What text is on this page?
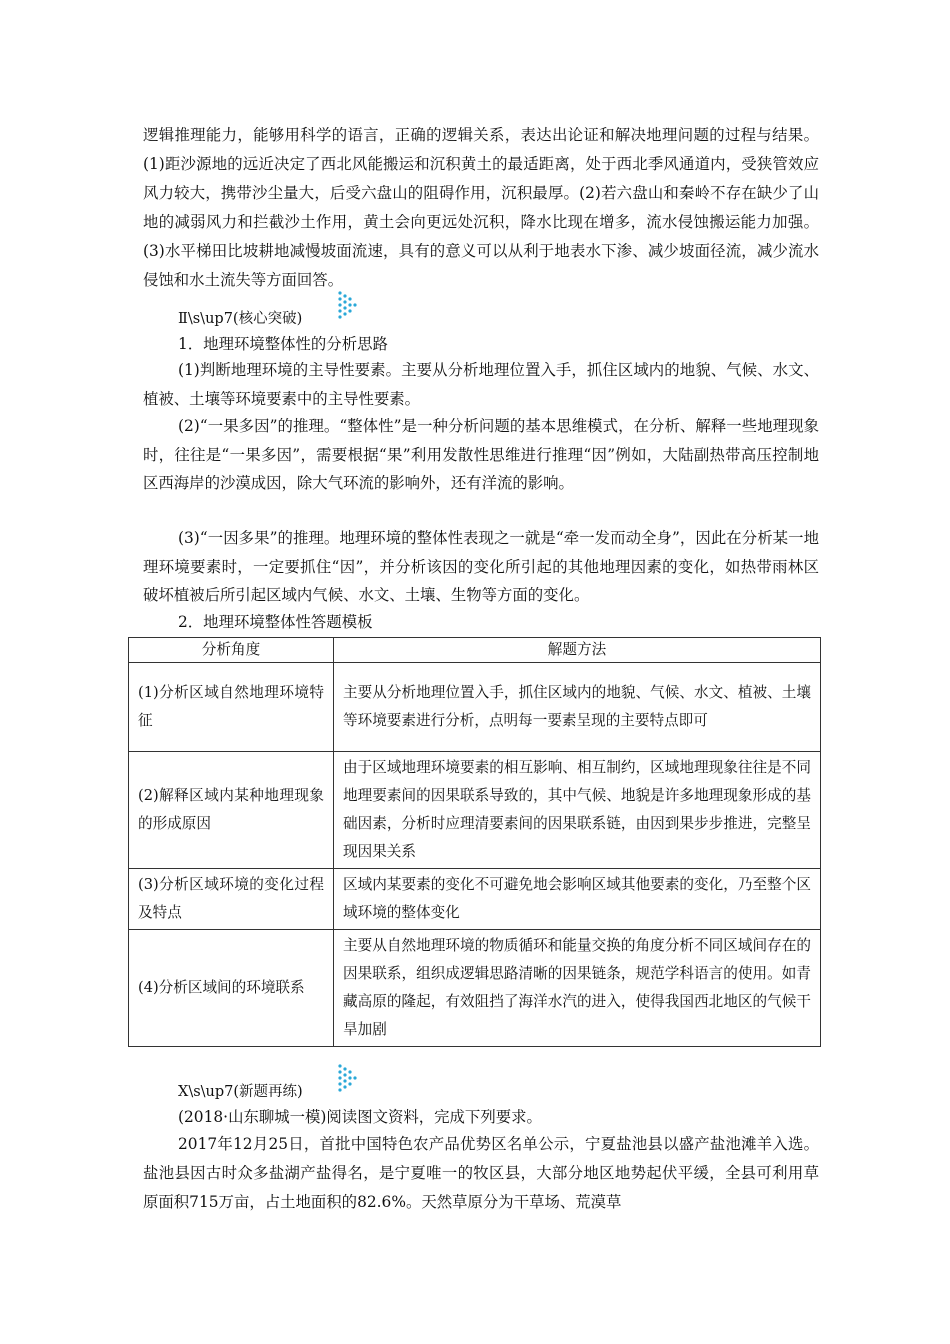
逻辑推理能力，能够用科学的语言，正确的逻辑关系，表达出论证和解决地理问题的过程与结果。(1)距沙源地的远近决定了西北风能搬运和沉积黄土的最适距离，处于西北季风通道内，受狭管效应风力较大，携带沙尘量大，后受六盘山的阻碍作用，沉积最厚。(2)若六盘山和秦岭不存在缺少了山地的减弱风力和拦截沙土作用，黄土会向更远处沉积，降水比现在增多，流水侵蚀搬运能力加强。(3)水平梯田比坡耕地减慢坡面流速，具有的意义可以从利于地表水下渗、减少坡面径流，减少流水侵蚀和水土流失等方面回答。

Ⅱ\s\up7(核心突破)
1．地理环境整体性的分析思路
(1)判断地理环境的主导性要素。主要从分析地理位置入手，抓住区域内的地貌、气候、水文、植被、土壤等环境要素中的主导性要素。
(2)“一果多因”的推理。“整体性”是一种分析问题的基本思维模式，在分析、解释一些地理现象时，往往是“一果多因”，需要根据“果”利用发散性思维进行推理“因”例如，大陆副热带高压控制地区西海岸的沙漠成因，除大气环流的影响外，还有洋流的影响。
(3)“一因多果”的推理。地理环境的整体性表现之一就是“牵一发而动全身”，因此在分析某一地理环境要素时，一定要抓住“因”，并分析该因的变化所引起的其他地理因素的变化，如热带雨林区破坏植被后所引起区域内气候、水文、土壤、生物等方面的变化。
2．地理环境整体性答题模板
分析角度	解题方法
(1)分析区域自然地理环境特征	主要从分析地理位置入手，抓住区域内的地貌、气候、水文、植被、土壤等环境要素进行分析，点明每一要素呈现的主要特点即可
(2)解释区域内某种地理现象的形成原因	由于区域地理环境要素的相互影响、相互制约，区域地理现象往往是不同地理要素间的因果联系导致的，其中气候、地貌是许多地理现象形成的基础因素，分析时应理清要素间的因果联系链，由因到果步步推进，完整呈现因果关系
(3)分析区域环境的变化过程及特点	区域内某要素的变化不可避免地会影响区域其他要素的变化，乃至整个区域环境的整体变化
(4)分析区域间的环境联系	主要从自然地理环境的物质循环和能量交换的角度分析不同区域间存在的因果联系，组织成逻辑思路清晰的因果链条，规范学科语言的使用。如青藏高原的隆起，有效阻挡了海洋水汽的进入，使得我国西北地区的气候干旱加剧
Ⅹ\s\up7(新题再练)
(2018·山东聊城一模)阅读图文资料，完成下列要求。
2017年12月25日，首批中国特色农产品优势区名单公示，宁夏盐池县以盛产盐池滩羊入选。盐池县因古时众多盐湖产盐得名，是宁夏唯一的牧区县，大部分地区地势起伏平缓，全县可利用草原面积715万亩，占土地面积的82.6%。天然草原分为干草场、荒漠草
